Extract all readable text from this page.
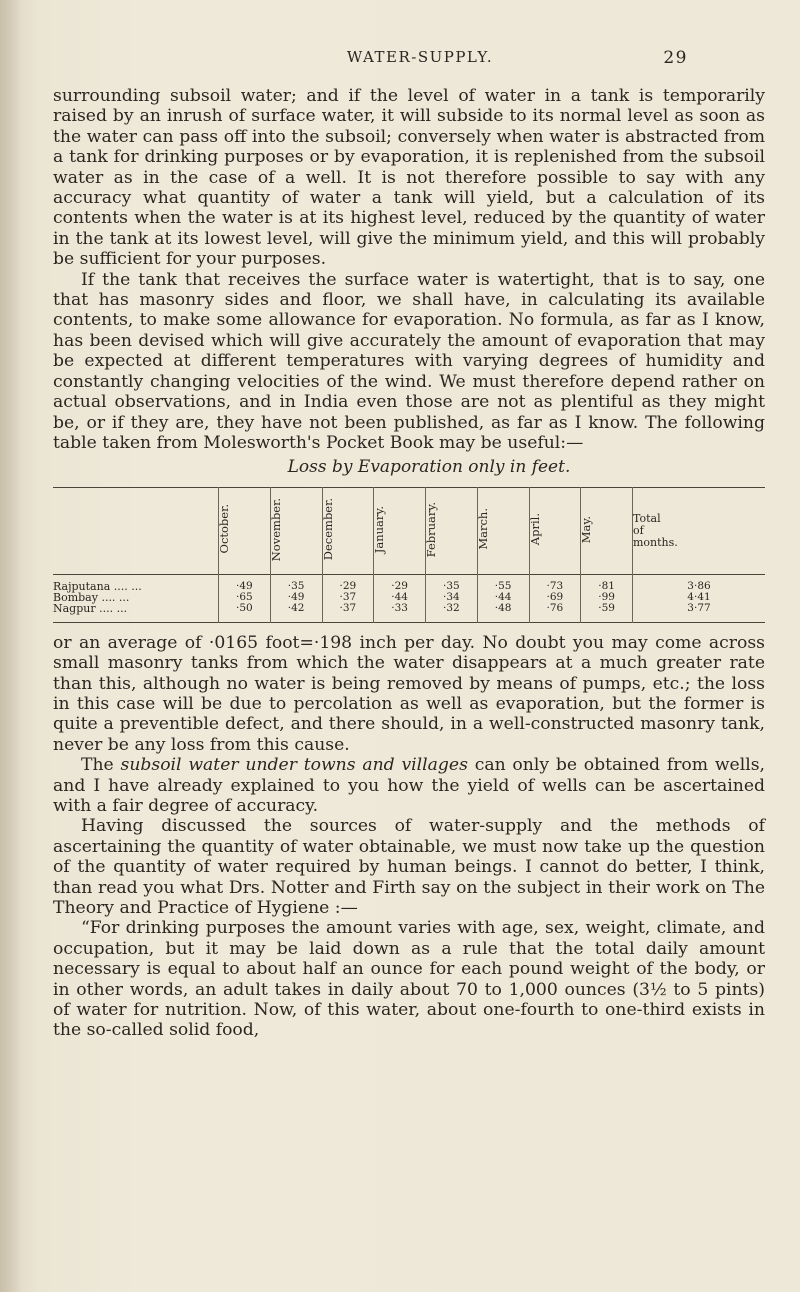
WATER-SUPPLY.	29

surrounding subsoil water; and if the level of water in a tank is temporarily raised by an inrush of surface water, it will subside to its normal level as soon as the water can pass off into the subsoil; conversely when water is abstracted from a tank for drinking purposes or by evaporation, it is replenished from the subsoil water as in the case of a well. It is not therefore possible to say with any accuracy what quantity of water a tank will yield, but a calculation of its contents when the water is at its highest level, reduced by the quantity of water in the tank at its lowest level, will give the minimum yield, and this will probably be sufficient for your purposes.

If the tank that receives the surface water is watertight, that is to say, one that has masonry sides and floor, we shall have, in calculating its available contents, to make some allowance for evaporation. No formula, as far as I know, has been devised which will give accurately the amount of evaporation that may be expected at different temperatures with varying degrees of humidity and constantly changing velocities of the wind. We must therefore depend rather on actual observations, and in India even those are not as plentiful as they might be, or if they are, they have not been published, as far as I know. The following table taken from Molesworth's Pocket Book may be useful:—

Loss by Evaporation only in feet.
	October.	November.	December.	January.	February.	March.	April.	May.	Total
of
months.
Rajputana .... ...	·49	·35	·29	·29	·35	·55	·73	·81	3·86
Bombay .... ...	·65	·49	·37	·44	·34	·44	·69	·99	4·41
Nagpur .... ...	·50	·42	·37	·33	·32	·48	·76	·59	3·77

or an average of ·0165 foot=·198 inch per day. No doubt you may come across small masonry tanks from which the water disappears at a much greater rate than this, although no water is being removed by means of pumps, etc.; the loss in this case will be due to percolation as well as evaporation, but the former is quite a preventible defect, and there should, in a well-constructed masonry tank, never be any loss from this cause.

The subsoil water under towns and villages can only be obtained from wells, and I have already explained to you how the yield of wells can be ascertained with a fair degree of accuracy.

Having discussed the sources of water-supply and the methods of ascertaining the quantity of water obtainable, we must now take up the question of the quantity of water required by human beings. I cannot do better, I think, than read you what Drs. Notter and Firth say on the subject in their work on The Theory and Practice of Hygiene :—

“For drinking purposes the amount varies with age, sex, weight, climate, and occupation, but it may be laid down as a rule that the total daily amount necessary is equal to about half an ounce for each pound weight of the body, or in other words, an adult takes in daily about 70 to 1,000 ounces (3½ to 5 pints) of water for nutrition. Now, of this water, about one-fourth to one-third exists in the so-called solid food,
